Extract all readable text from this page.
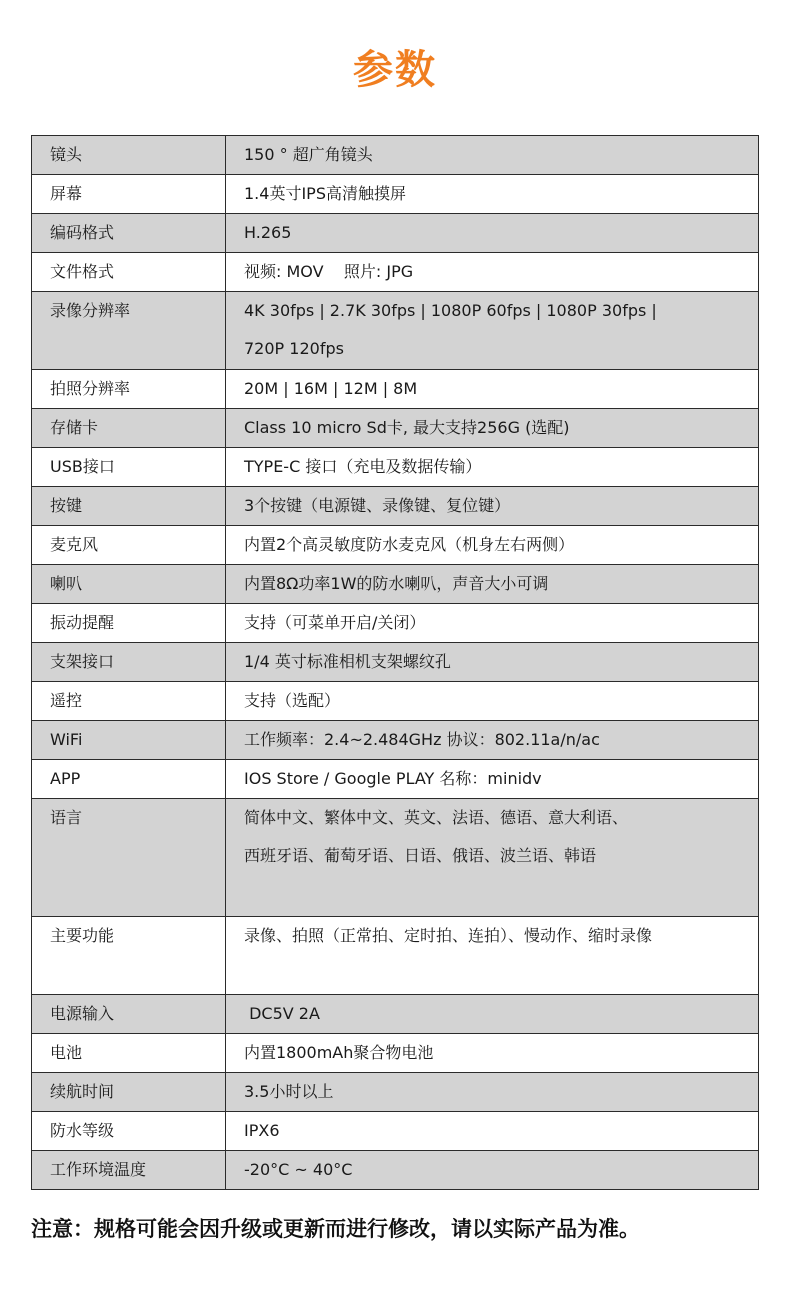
参数
镜头	150 ° 超广角镜头
屏幕	1.4英寸IPS高清触摸屏
编码格式	H.265
文件格式	视频: MOV    照片: JPG
录像分辨率	4K 30fps | 2.7K 30fps | 1080P 60fps | 1080P 30fps |
720P 120fps
拍照分辨率	20M | 16M | 12M | 8M
存储卡	Class 10 micro Sd卡, 最大支持256G (选配)
USB接口	TYPE-C 接口（充电及数据传输）
按键	3个按键（电源键、录像键、复位键）
麦克风	内置2个高灵敏度防水麦克风（机身左右两侧）
喇叭	内置8Ω功率1W的防水喇叭，声音大小可调
振动提醒	支持（可菜单开启/关闭）
支架接口	1/4 英寸标准相机支架螺纹孔
遥控	支持（选配）
WiFi	工作频率：2.4~2.484GHz 协议：802.11a/n/ac
APP	IOS Store / Google PLAY 名称：minidv
语言	简体中文、繁体中文、英文、法语、德语、意大利语、
西班牙语、葡萄牙语、日语、俄语、波兰语、韩语
主要功能	录像、拍照（正常拍、定时拍、连拍）、慢动作、缩时录像
电源输入	DC5V 2A
电池	内置1800mAh聚合物电池
续航时间	3.5小时以上
防水等级	IPX6
工作环境温度	-20°C ~ 40°C
注意：规格可能会因升级或更新而进行修改，请以实际产品为准。
